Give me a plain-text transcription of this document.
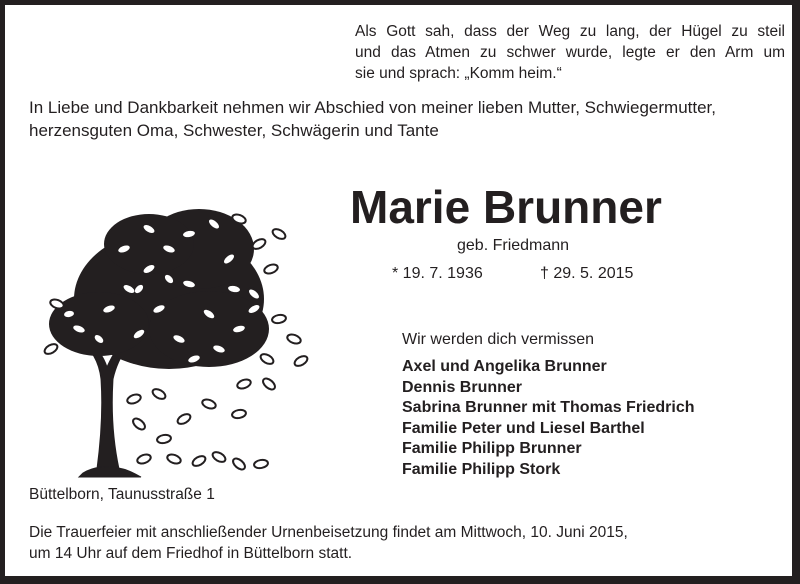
Als Gott sah, dass der Weg zu lang, der Hügel zu steil
und das Atmen zu schwer wurde, legte er den Arm um
sie und sprach: „Komm heim.“
In Liebe und Dankbarkeit nehmen wir Abschied von meiner lieben Mutter, Schwiegermutter,
herzensguten Oma, Schwester, Schwägerin und Tante
Marie Brunner
geb. Friedmann
* 19. 7. 1936	† 29. 5. 2015
Wir werden dich vermissen
Axel und Angelika Brunner
Dennis Brunner
Sabrina Brunner mit Thomas Friedrich
Familie Peter und Liesel Barthel
Familie Philipp Brunner
Familie Philipp Stork
Büttelborn, Taunusstraße 1
Die Trauerfeier mit anschließender Urnenbeisetzung findet am Mittwoch, 10. Juni 2015,
um 14 Uhr auf dem Friedhof in Büttelborn statt.
